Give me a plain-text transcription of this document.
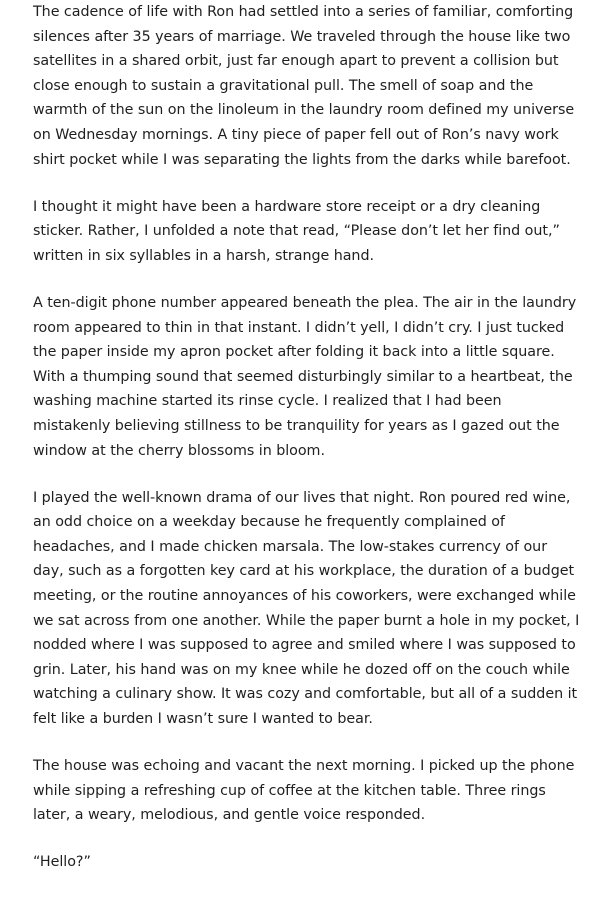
The cadence of life with Ron had settled into a series of familiar, comforting silences after 35 years of marriage. We traveled through the house like two satellites in a shared orbit, just far enough apart to prevent a collision but close enough to sustain a gravitational pull. The smell of soap and the warmth of the sun on the linoleum in the laundry room defined my universe on Wednesday mornings. A tiny piece of paper fell out of Ron’s navy work shirt pocket while I was separating the lights from the darks while barefoot.

I thought it might have been a hardware store receipt or a dry cleaning sticker. Rather, I unfolded a note that read, “Please don’t let her find out,” written in six syllables in a harsh, strange hand.

A ten-digit phone number appeared beneath the plea. The air in the laundry room appeared to thin in that instant. I didn’t yell, I didn’t cry. I just tucked the paper inside my apron pocket after folding it back into a little square. With a thumping sound that seemed disturbingly similar to a heartbeat, the washing machine started its rinse cycle. I realized that I had been mistakenly believing stillness to be tranquility for years as I gazed out the window at the cherry blossoms in bloom.

I played the well-known drama of our lives that night. Ron poured red wine, an odd choice on a weekday because he frequently complained of headaches, and I made chicken marsala. The low-stakes currency of our day, such as a forgotten key card at his workplace, the duration of a budget meeting, or the routine annoyances of his coworkers, were exchanged while we sat across from one another. While the paper burnt a hole in my pocket, I nodded where I was supposed to agree and smiled where I was supposed to grin. Later, his hand was on my knee while he dozed off on the couch while watching a culinary show. It was cozy and comfortable, but all of a sudden it felt like a burden I wasn’t sure I wanted to bear.

The house was echoing and vacant the next morning. I picked up the phone while sipping a refreshing cup of coffee at the kitchen table. Three rings later, a weary, melodious, and gentle voice responded.

“Hello?”
